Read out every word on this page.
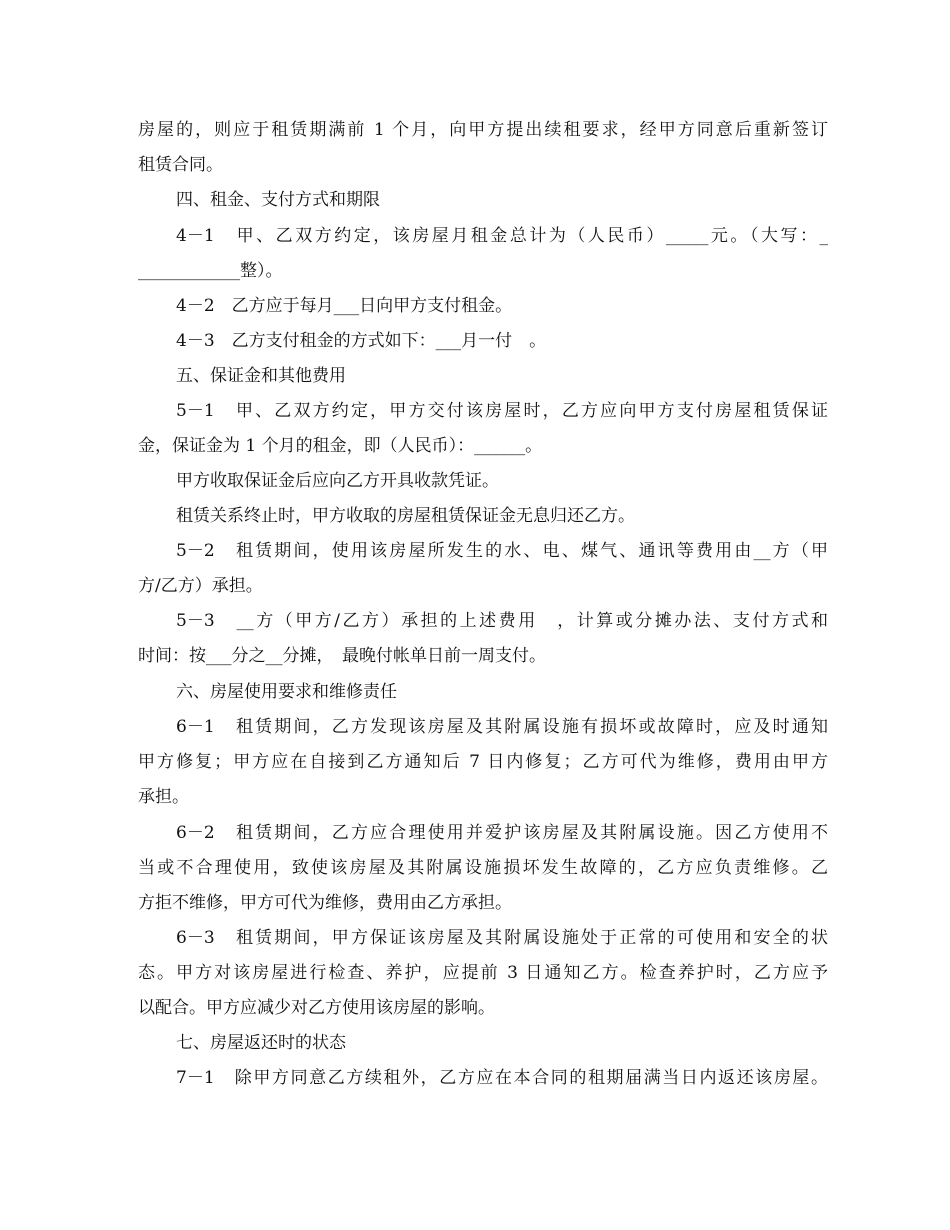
房屋的，则应于租赁期满前 1 个月，向甲方提出续租要求，经甲方同意后重新签订
租赁合同。
四、租金、支付方式和期限
4－1　甲、乙双方约定，该房屋月租金总计为（人民币）_____元。（大写：_
____________整）。
4－2　乙方应于每月___日向甲方支付租金。
4－3　乙方支付租金的方式如下：___月一付　。
五、保证金和其他费用
5－1　甲、乙双方约定，甲方交付该房屋时，乙方应向甲方支付房屋租赁保证
金，保证金为 1 个月的租金，即（人民币）：______。
甲方收取保证金后应向乙方开具收款凭证。
租赁关系终止时，甲方收取的房屋租赁保证金无息归还乙方。
5－2　租赁期间，使用该房屋所发生的水、电、煤气、通讯等费用由__方（甲
方/乙方）承担。
5－3　__方（甲方/乙方）承担的上述费用　，计算或分摊办法、支付方式和
时间：按___分之__分摊，　最晚付帐单日前一周支付。
六、房屋使用要求和维修责任
6－1　租赁期间，乙方发现该房屋及其附属设施有损坏或故障时，应及时通知
甲方修复；甲方应在自接到乙方通知后 7 日内修复；乙方可代为维修，费用由甲方
承担。
6－2　租赁期间，乙方应合理使用并爱护该房屋及其附属设施。因乙方使用不
当或不合理使用，致使该房屋及其附属设施损坏发生故障的，乙方应负责维修。乙
方拒不维修，甲方可代为维修，费用由乙方承担。
6－3　租赁期间，甲方保证该房屋及其附属设施处于正常的可使用和安全的状
态。甲方对该房屋进行检查、养护，应提前 3 日通知乙方。检查养护时，乙方应予
以配合。甲方应减少对乙方使用该房屋的影响。
七、房屋返还时的状态
7－1　除甲方同意乙方续租外，乙方应在本合同的租期届满当日内返还该房屋。
